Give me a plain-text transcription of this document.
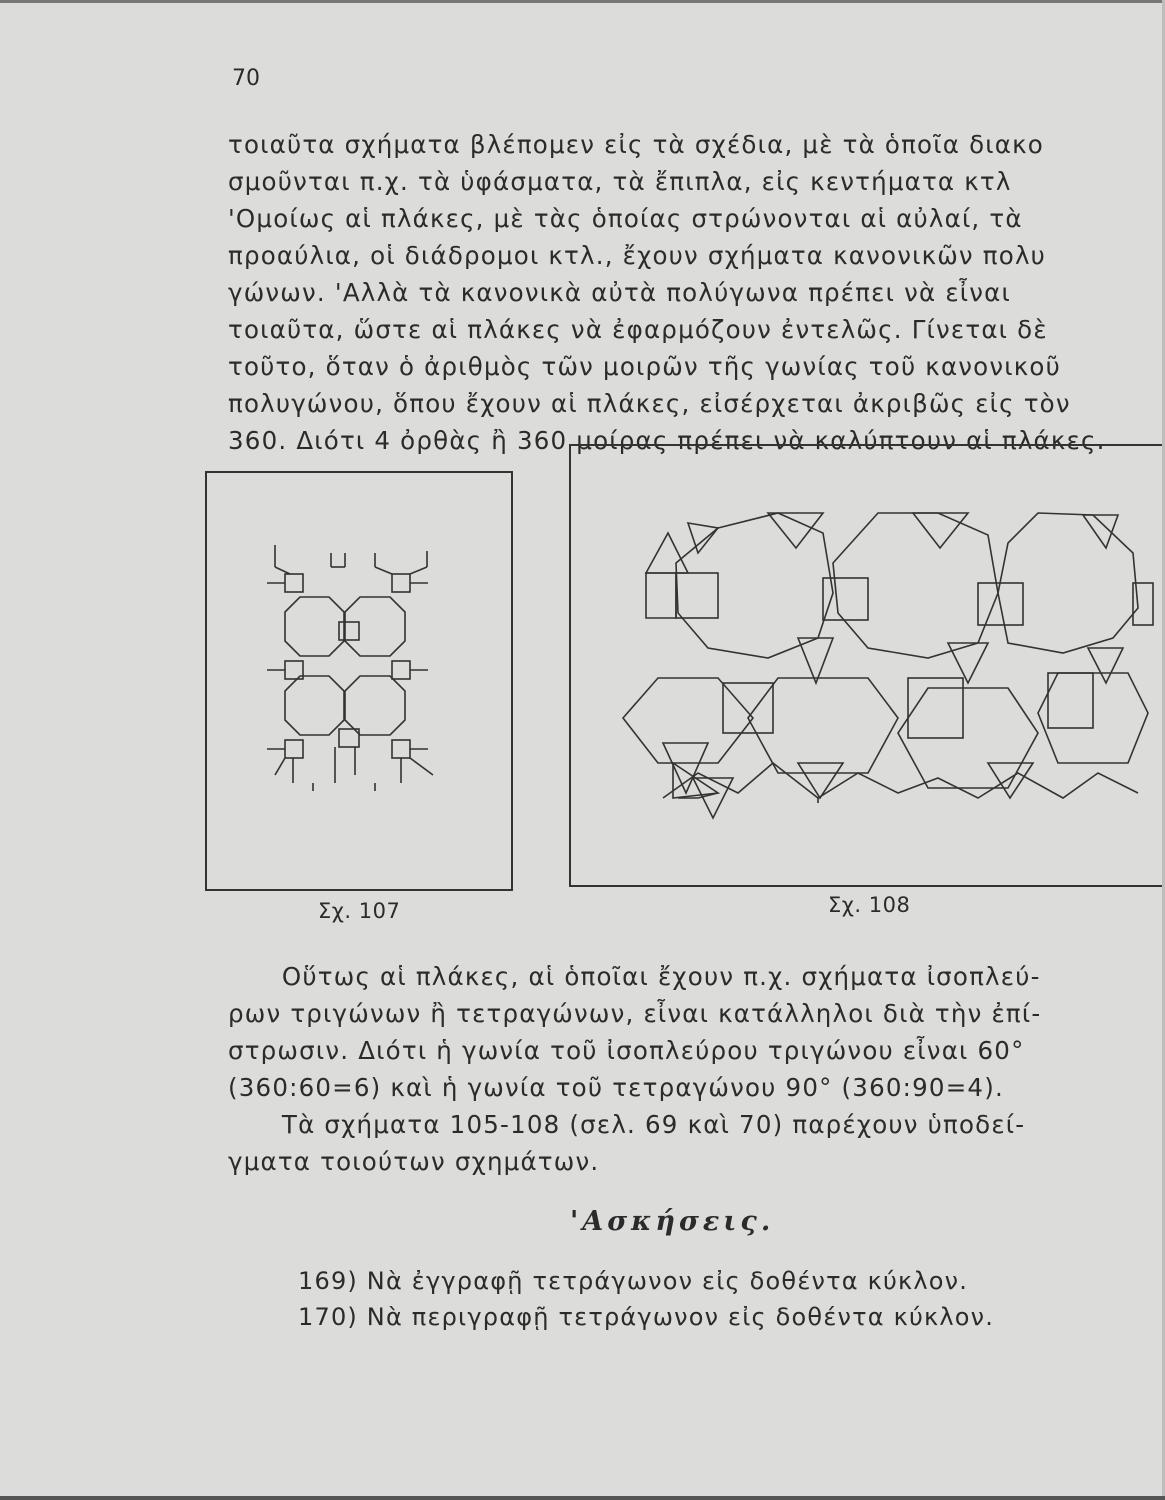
70
τοιαῦτα σχήματα βλέπομεν εἰς τὰ σχέδια, μὲ τὰ ὁποῖα διακο
σμοῦνται π.χ. τὰ ὑφάσματα, τὰ ἔπιπλα, εἰς κεντήματα κτλ
'Ομοίως αἱ πλάκες, μὲ τὰς ὁποίας στρώνονται αἱ αὐλαί, τὰ
προαύλια, οἱ διάδρομοι κτλ., ἔχουν σχήματα κανονικῶν πολυ
γώνων. 'Αλλὰ τὰ κανονικὰ αὐτὰ πολύγωνα πρέπει νὰ εἶναι
τοιαῦτα, ὥστε αἱ πλάκες νὰ ἐφαρμόζουν ἐντελῶς. Γίνεται δὲ
τοῦτο, ὅταν ὁ ἀριθμὸς τῶν μοιρῶν τῆς γωνίας τοῦ κανονικοῦ
πολυγώνου, ὅπου ἔχουν αἱ πλάκες, εἰσέρχεται ἀκριβῶς εἰς τὸν
360. Διότι 4 ὀρθὰς ἢ 360 μοίρας πρέπει νὰ καλύπτουν αἱ πλάκες.
Σχ. 107	Σχ. 108
Οὕτως αἱ πλάκες, αἱ ὁποῖαι ἔχουν π.χ. σχήματα ἰσοπλεύ-
ρων τριγώνων ἢ τετραγώνων, εἶναι κατάλληλοι διὰ τὴν ἐπί-
στρωσιν. Διότι ἡ γωνία τοῦ ἰσοπλεύρου τριγώνου εἶναι 60°
(360:60=6) καὶ ἡ γωνία τοῦ τετραγώνου 90° (360:90=4).
Τὰ σχήματα 105-108 (σελ. 69 καὶ 70) παρέχουν ὑποδεί-
γματα τοιούτων σχημάτων.
'Ασκήσεις.
169) Νὰ ἐγγραφῇ τετράγωνον εἰς δοθέντα κύκλον.
170) Νὰ περιγραφῇ τετράγωνον εἰς δοθέντα κύκλον.
